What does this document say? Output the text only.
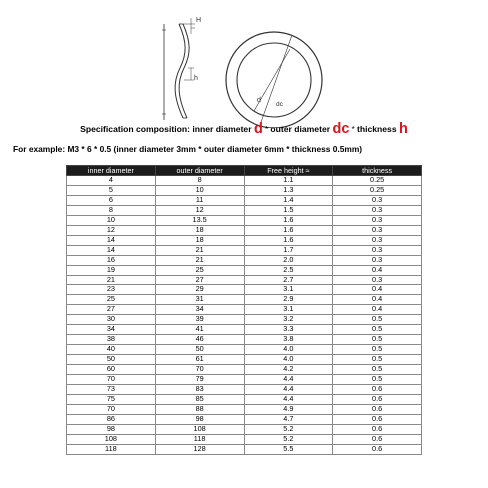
H
h
d
dc
Specification composition: inner diameter d * outer diameter dc * thickness h
For example: M3 * 6 * 0.5 (inner diameter 3mm * outer diameter 6mm * thickness 0.5mm)
inner diameter	outer diameter	Free height ≈	thickness
4	8	1.1	0.25
5	10	1.3	0.25
6	11	1.4	0.3
8	12	1.5	0.3
10	13.5	1.6	0.3
12	18	1.6	0.3
14	18	1.6	0.3
14	21	1.7	0.3
16	21	2.0	0.3
19	25	2.5	0.4
21	27	2.7	0.3
23	29	3.1	0.4
25	31	2.9	0.4
27	34	3.1	0.4
30	39	3.2	0.5
34	41	3.3	0.5
38	46	3.8	0.5
40	50	4.0	0.5
50	61	4.0	0.5
60	70	4.2	0.5
70	79	4.4	0.5
73	83	4.4	0.6
75	85	4.4	0.6
70	88	4.9	0.6
86	98	4.7	0.6
98	108	5.2	0.6
108	118	5.2	0.6
118	128	5.5	0.6
